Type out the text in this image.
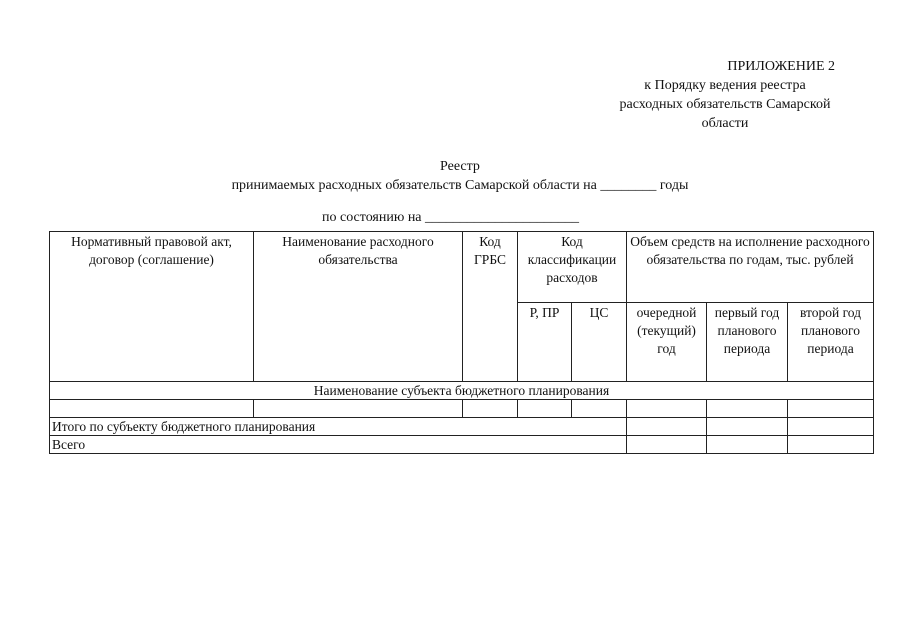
ПРИЛОЖЕНИЕ 2
к Порядку ведения реестра
расходных обязательств Самарской
области
Реестр
принимаемых расходных обязательств Самарской области на ________ годы
по состоянию на ______________________
Нормативный правовой акт, договор (соглашение)	Наименование расходного обязательства	Код ГРБС	Код классификации расходов		Объем средств на исполнение расходного обязательства по годам, тыс. рублей		
			Р, ПР	ЦС	очередной (текущий) год	первый год планового периода	второй год планового периода
Наименование субъекта бюджетного планирования							

Итого по субъекту бюджетного планирования							
Всего							
